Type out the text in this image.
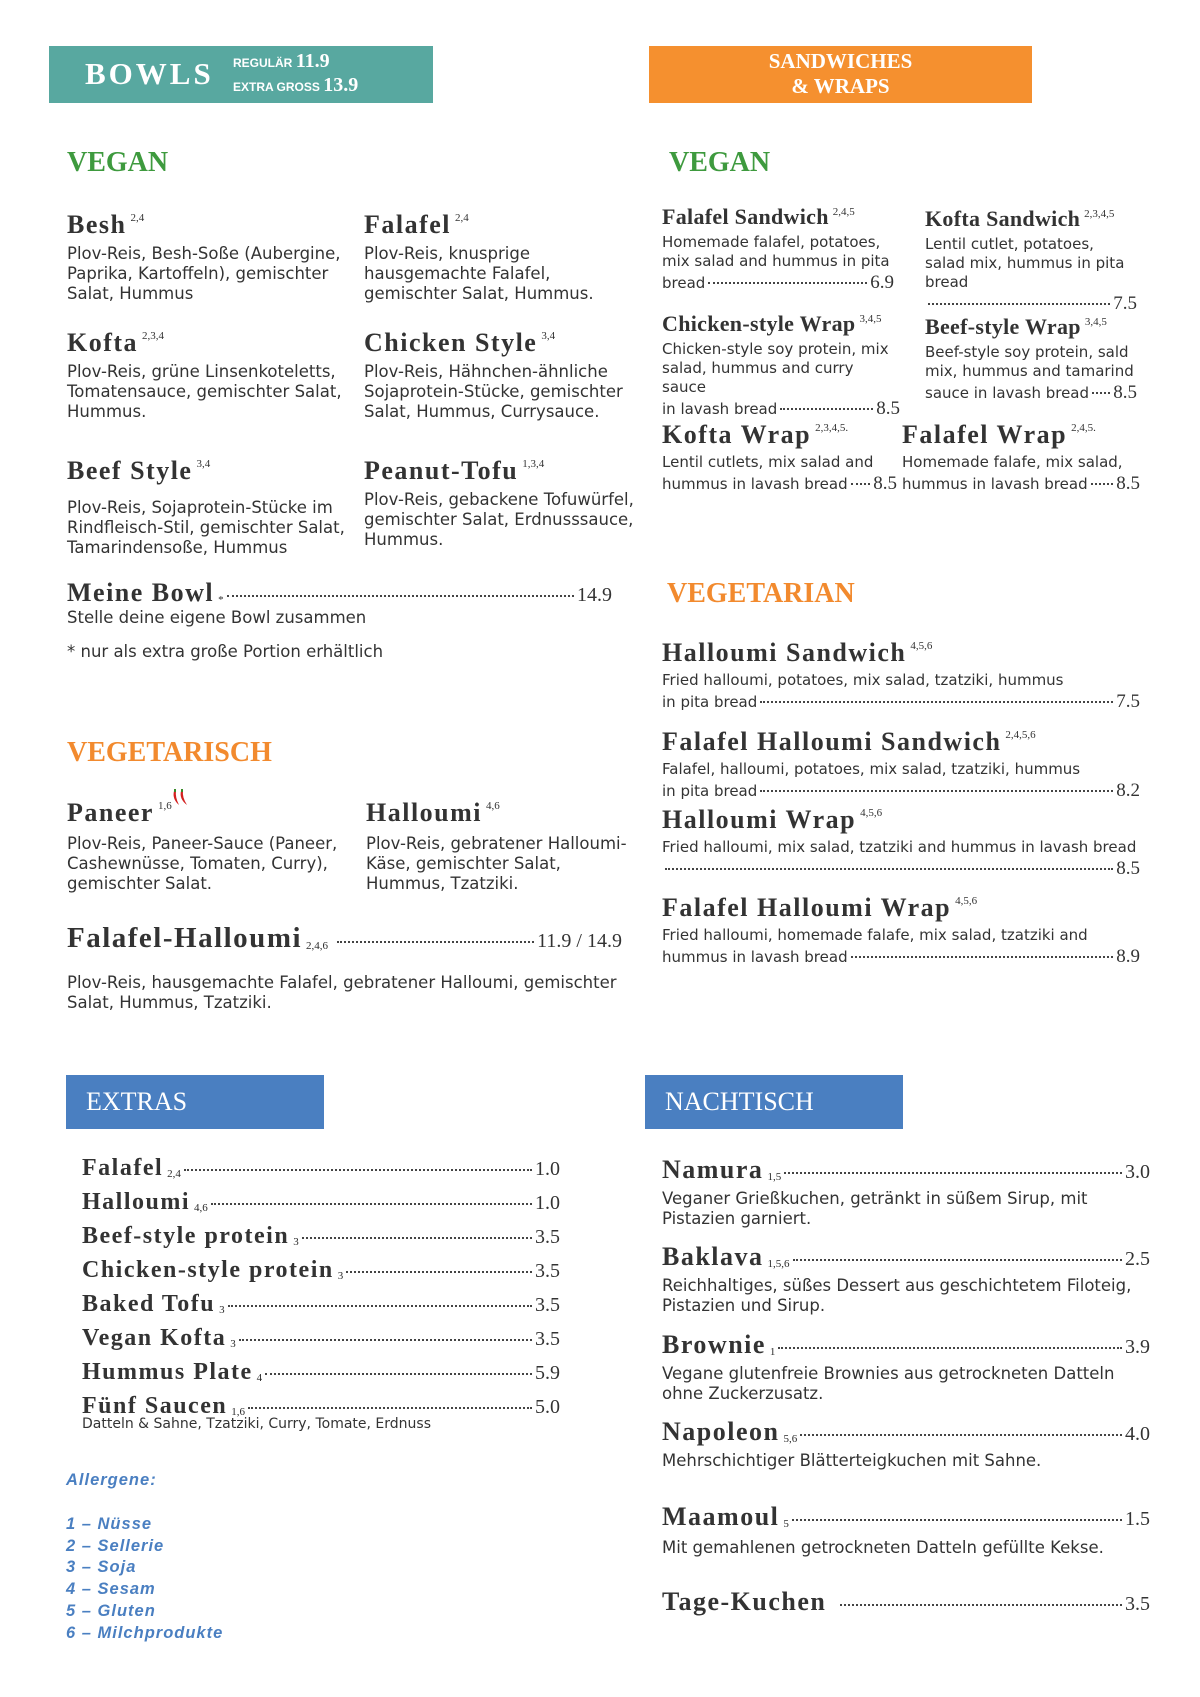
BOWLS REGULÄR 11.9
EXTRA GROSS 13.9
SANDWICHES
& WRAPS
EXTRAS	NACHTISCH
VEGAN
Besh $^{2,4}$
Plov-Reis, Besh-Soße (Aubergine, Paprika, Kartoffeln), gemischter Salat, Hummus
Falafel $^{2,4}$
Plov-Reis, knusprige hausgemachte Falafel, gemischter Salat, Hummus.
Kofta $^{2,3,4}$
Plov-Reis, grüne Linsenkoteletts, Tomatensauce, gemischter Salat, Hummus.
Chicken Style $^{3,4}$
Plov-Reis, Hähnchen-ähnliche Sojaprotein-Stücke, gemischter Salat, Hummus, Currysauce.
Beef Style $^{3,4}$
Plov-Reis, Sojaprotein-Stücke im Rindfleisch-Stil, gemischter Salat, Tamarindensoße, Hummus
Peanut-Tofu $^{1,3,4}$
Plov-Reis, gebackene Tofuwürfel, gemischter Salat, Erdnusssauce, Hummus.
Meine Bowl *	14.9
Stelle deine eigene Bowl zusammen
* nur als extra große Portion erhältlich
VEGETARISCH
Paneer $^{1,6}$
Plov-Reis, Paneer-Sauce (Paneer, Cashewnüsse, Tomaten, Curry), gemischter Salat.
Halloumi $^{4,6}$
Plov-Reis, gebratener Halloumi-Käse, gemischter Salat, Hummus, Tzatziki.
Falafel-Halloumi 2,4,6	11.9 / 14.9
Plov-Reis, hausgemachte Falafel, gebratener Halloumi, gemischter Salat, Hummus, Tzatziki.
Falafel 2,4	1.0
Halloumi 4,6	1.0
Beef-style protein 3	3.5
Chicken-style protein 3	3.5
Baked Tofu 3	3.5
Vegan Kofta 3	3.5
Hummus Plate 4	5.9
Fünf Saucen 1,6	5.0
Datteln & Sahne, Tzatziki, Curry, Tomate, Erdnuss
Allergene:
1 – Nüsse
2 – Sellerie
3 – Soja
4 – Sesam
5 – Gluten
6 – Milchprodukte
VEGAN
Falafel Sandwich $^{2,4,5}$
Homemade falafel, potatoes, mix salad and hummus in pita
bread	6.9
Kofta Sandwich $^{2,3,4,5}$
Lentil cutlet, potatoes, salad mix, hummus in pita bread
7.5
Chicken-style Wrap $^{3,4,5}$
Chicken-style soy protein, mix salad, hummus and curry sauce
in lavash bread	8.5
Beef-style Wrap $^{3,4,5}$
Beef-style soy protein, sald mix, hummus and tamarind
sauce in lavash bread 8.5
Kofta Wrap $^{2,3,4,5.}$
Lentil cutlets, mix salad and
hummus in lavash bread 8.5
Falafel Wrap $^{2,4,5.}$
Homemade falafe, mix salad,
hummus in lavash bread 8.5
VEGETARIAN
Halloumi Sandwich $^{4,5,6}$
Fried halloumi, potatoes, mix salad, tzatziki, hummus
in pita bread	7.5
Falafel Halloumi Sandwich $^{2,4,5,6}$
Falafel, halloumi, potatoes, mix salad, tzatziki, hummus
in pita bread	8.2
Halloumi Wrap $^{4,5,6}$
Fried halloumi, mix salad, tzatziki and hummus in lavash bread
8.5
Falafel Halloumi Wrap $^{4,5,6}$
Fried halloumi, homemade falafe, mix salad, tzatziki and
hummus in lavash bread	8.9
Namura 1,5	3.0
Veganer Grießkuchen, getränkt in süßem Sirup, mit Pistazien garniert.
Baklava 1,5,6	2.5
Reichhaltiges, süßes Dessert aus geschichtetem Filoteig, Pistazien und Sirup.
Brownie 1	3.9
Vegane glutenfreie Brownies aus getrockneten Datteln ohne Zuckerzusatz.
Napoleon 5,6	4.0
Mehrschichtiger Blätterteigkuchen mit Sahne.
Maamoul 5	1.5
Mit gemahlenen getrockneten Datteln gefüllte Kekse.
Tage-Kuchen	3.5
